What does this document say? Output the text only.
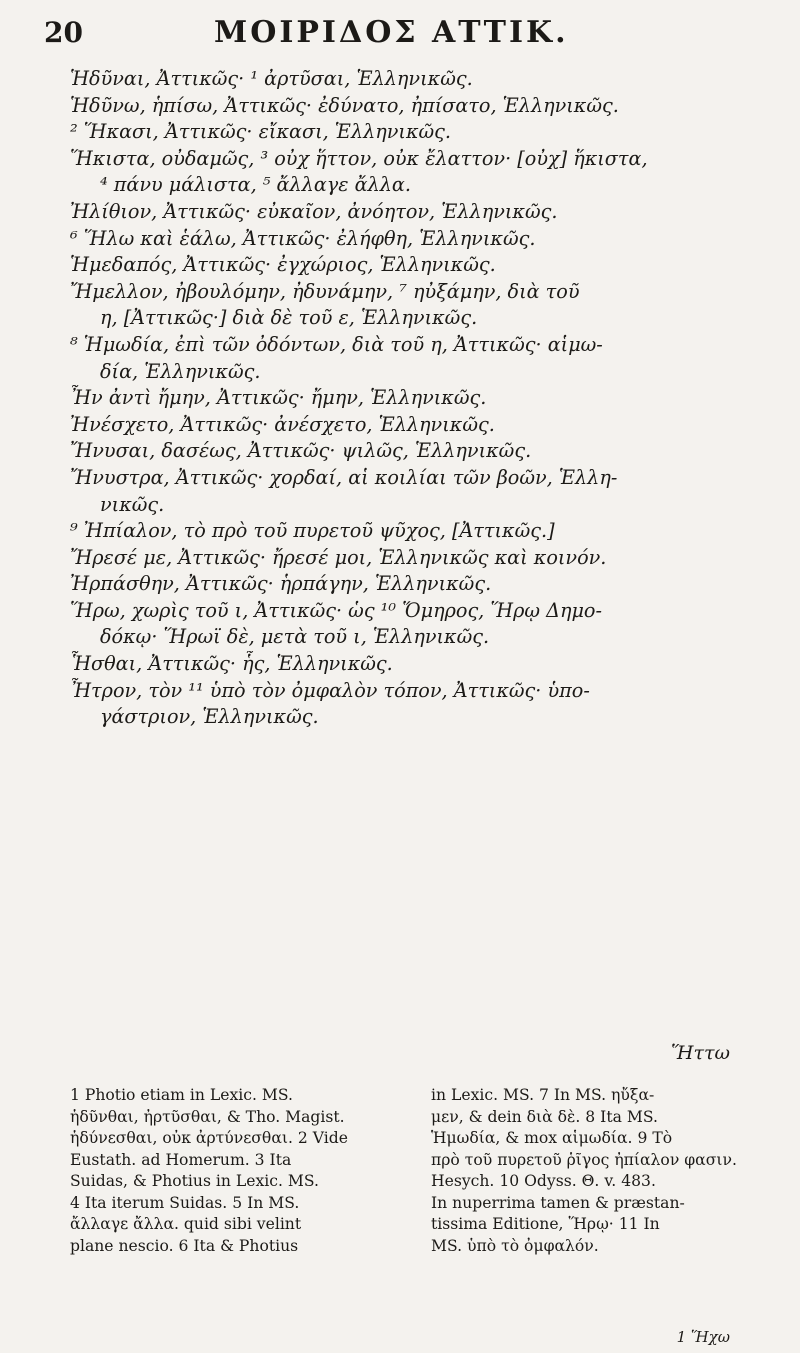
20	ΜΟΙΡΙΔΟΣ ΑΤΤΙΚ.
Ἡδῦναι, Ἀττικῶς· ¹ ἀρτῦσαι, Ἑλληνικῶς.
Ἡδῦνω, ἡπίσω, Ἀττικῶς· ἐδύνατο, ἠπίσατο, Ἑλληνικῶς.
² Ἥκασι, Ἀττικῶς· εἴκασι, Ἑλληνικῶς.
Ἥκιστα, οὐδαμῶς, ³ οὐχ ἥττον, οὐκ ἔλαττον· [οὐχ] ἥκιστα,
⁴ πάνυ μάλιστα, ⁵ ἄλλαγε ἄλλα.
Ἠλίθιον, Ἀττικῶς· εὐκαῖον, ἀνόητον, Ἑλληνικῶς.
⁶ Ἥλω καὶ ἑάλω, Ἀττικῶς· ἐλήφθη, Ἑλληνικῶς.
Ἡμεδαπός, Ἀττικῶς· ἐγχώριος, Ἑλληνικῶς.
Ἤμελλον, ἠβουλόμην, ἠδυνάμην, ⁷ ηὐξάμην, διὰ τοῦ
η, [Ἀττικῶς·] διὰ δὲ τοῦ ε, Ἑλληνικῶς.
⁸ Ἡμωδία, ἐπὶ τῶν ὀδόντων, διὰ τοῦ η, Ἀττικῶς· αἱμω-
δία, Ἑλληνικῶς.
Ἦν ἀντὶ ἤμην, Ἀττικῶς· ἤμην, Ἑλληνικῶς.
Ἠνέσχετο, Ἀττικῶς· ἀνέσχετο, Ἑλληνικῶς.
Ἤνυσαι, δασέως, Ἀττικῶς· ψιλῶς, Ἑλληνικῶς.
Ἤνυστρα, Ἀττικῶς· χορδαί, αἱ κοιλίαι τῶν βοῶν, Ἑλλη-
νικῶς.
⁹ Ἠπίαλον, τὸ πρὸ τοῦ πυρετοῦ ψῦχος, [Ἀττικῶς.]
Ἤρεσέ με, Ἀττικῶς· ἤρεσέ μοι, Ἑλληνικῶς καὶ κοινόν.
Ἠρπάσθην, Ἀττικῶς· ἡρπάγην, Ἑλληνικῶς.
Ἥρω, χωρὶς τοῦ ι, Ἀττικῶς· ὡς ¹⁰ Ὅμηρος, Ἥρῳ Δημο-
δόκῳ· Ἥρωϊ δὲ, μετὰ τοῦ ι, Ἑλληνικῶς.
Ἧσθαι, Ἀττικῶς· ἧς, Ἑλληνικῶς.
Ἦτρον, τὸν ¹¹ ὑπὸ τὸν ὀμφαλὸν τόπον, Ἀττικῶς· ὑπο-
γάστριον, Ἑλληνικῶς.
Ἥττω
1 Photio etiam in Lexic. MS.
ἡδῦνθαι, ἠρτῦσθαι, & Tho. Magist.
ἡδύνεσθαι, οὐκ ἀρτύνεσθαι. 2 Vide
Eustath. ad Homerum. 3 Ita
Suidas, & Photius in Lexic. MS.
4 Ita iterum Suidas. 5 In MS.
ἄλλαγε ἄλλα. quid sibi velint
plane nescio. 6 Ita & Photius
in Lexic. MS. 7 In MS. ηὔξα-
μεν, & dein διὰ δὲ. 8 Ita MS.
Ἡμωδία, & mox αἱμωδία. 9 Τὸ
πρὸ τοῦ πυρετοῦ ῥῖγος ἠπίαλον φασιν.
Hesych. 10 Odyss. Θ. v. 483.
In nuperrima tamen & præstan-
tissima Editione, Ἥρῳ· 11 In
MS. ὑπὸ τὸ ὀμφαλόν.
1 Ἥχω
